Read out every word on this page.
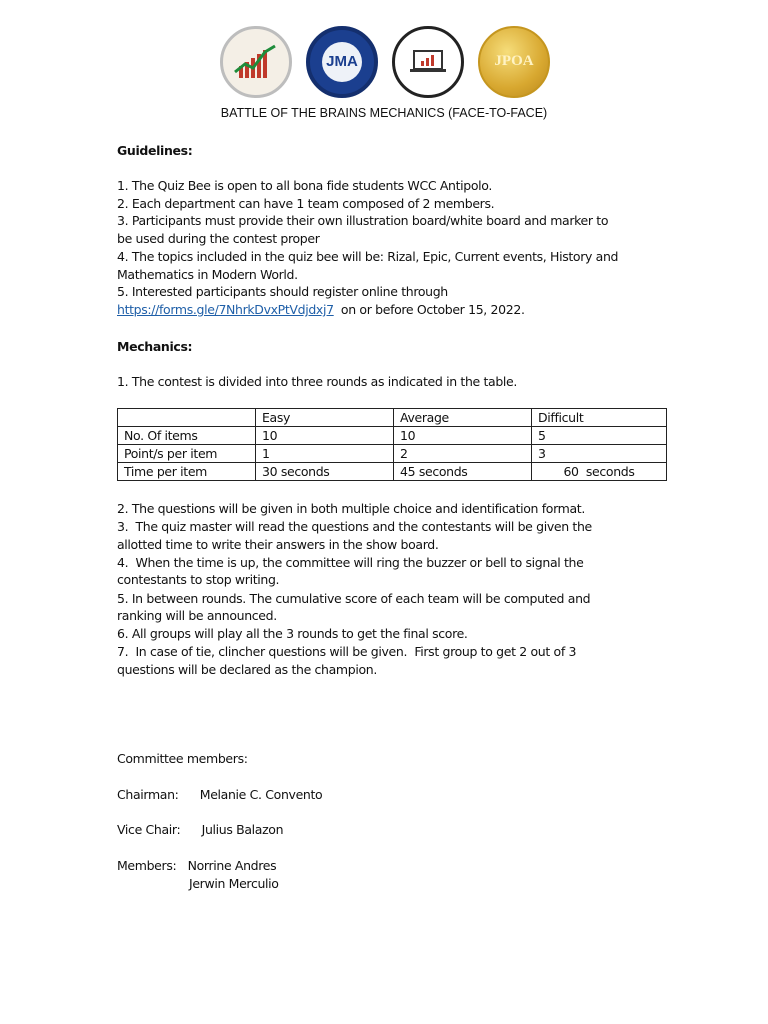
JMA	JPOA
BATTLE OF THE BRAINS MECHANICS (FACE-TO-FACE)
Guidelines:
1. The Quiz Bee is open to all bona fide students WCC Antipolo.
2. Each department can have 1 team composed of 2 members.
3. Participants must provide their own illustration board/white board and marker to
be used during the contest proper
4. The topics included in the quiz bee will be: Rizal, Epic, Current events, History and
Mathematics in Modern World.
5. Interested participants should register online through
https://forms.gle/7NhrkDvxPtVdjdxj7  on or before October 15, 2022.
Mechanics:
1. The contest is divided into three rounds as indicated in the table.
	Easy	Average	Difficult
No. Of items	10	10	5
Point/s per item	1	2	3
Time per item	30 seconds	45 seconds	60  seconds
2. The questions will be given in both multiple choice and identification format.
3.  The quiz master will read the questions and the contestants will be given the
allotted time to write their answers in the show board.
4.  When the time is up, the committee will ring the buzzer or bell to signal the
contestants to stop writing.
5. In between rounds. The cumulative score of each team will be computed and
ranking will be announced.
6. All groups will play all the 3 rounds to get the final score.
7.  In case of tie, clincher questions will be given.  First group to get 2 out of 3
questions will be declared as the champion.
Committee members:
Chairman: Melanie C. Convento
Vice Chair: Julius Balazon
Members: Norrine Andres
Jerwin Merculio
